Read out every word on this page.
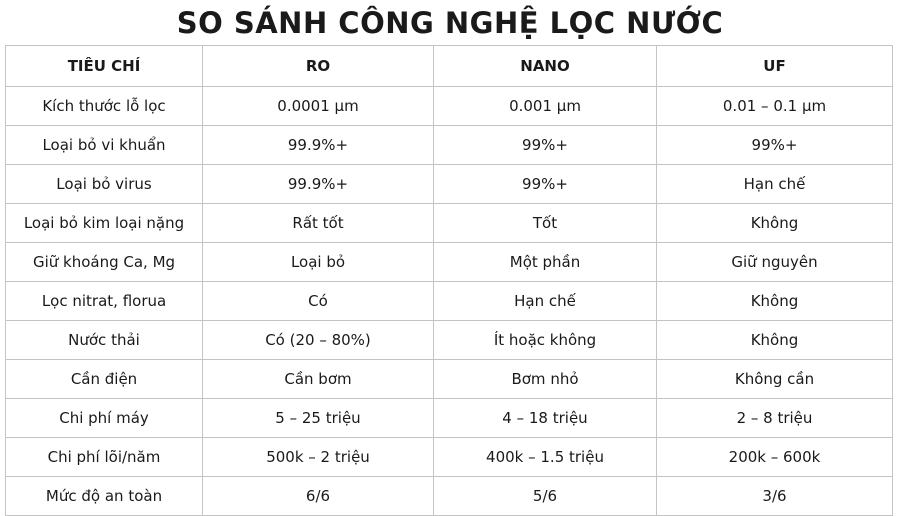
SO SÁNH CÔNG NGHỆ LỌC NƯỚC
TIÊU CHÍ	RO	NANO	UF
Kích thước lỗ lọc	0.0001 µm	0.001 µm	0.01 – 0.1 µm
Loại bỏ vi khuẩn	99.9%+	99%+	99%+
Loại bỏ virus	99.9%+	99%+	Hạn chế
Loại bỏ kim loại nặng	Rất tốt	Tốt	Không
Giữ khoáng Ca, Mg	Loại bỏ	Một phần	Giữ nguyên
Lọc nitrat, florua	Có	Hạn chế	Không
Nước thải	Có (20 – 80%)	Ít hoặc không	Không
Cần điện	Cần bơm	Bơm nhỏ	Không cần
Chi phí máy	5 – 25 triệu	4 – 18 triệu	2 – 8 triệu
Chi phí lõi/năm	500k – 2 triệu	400k – 1.5 triệu	200k – 600k
Mức độ an toàn	6/6	5/6	3/6
